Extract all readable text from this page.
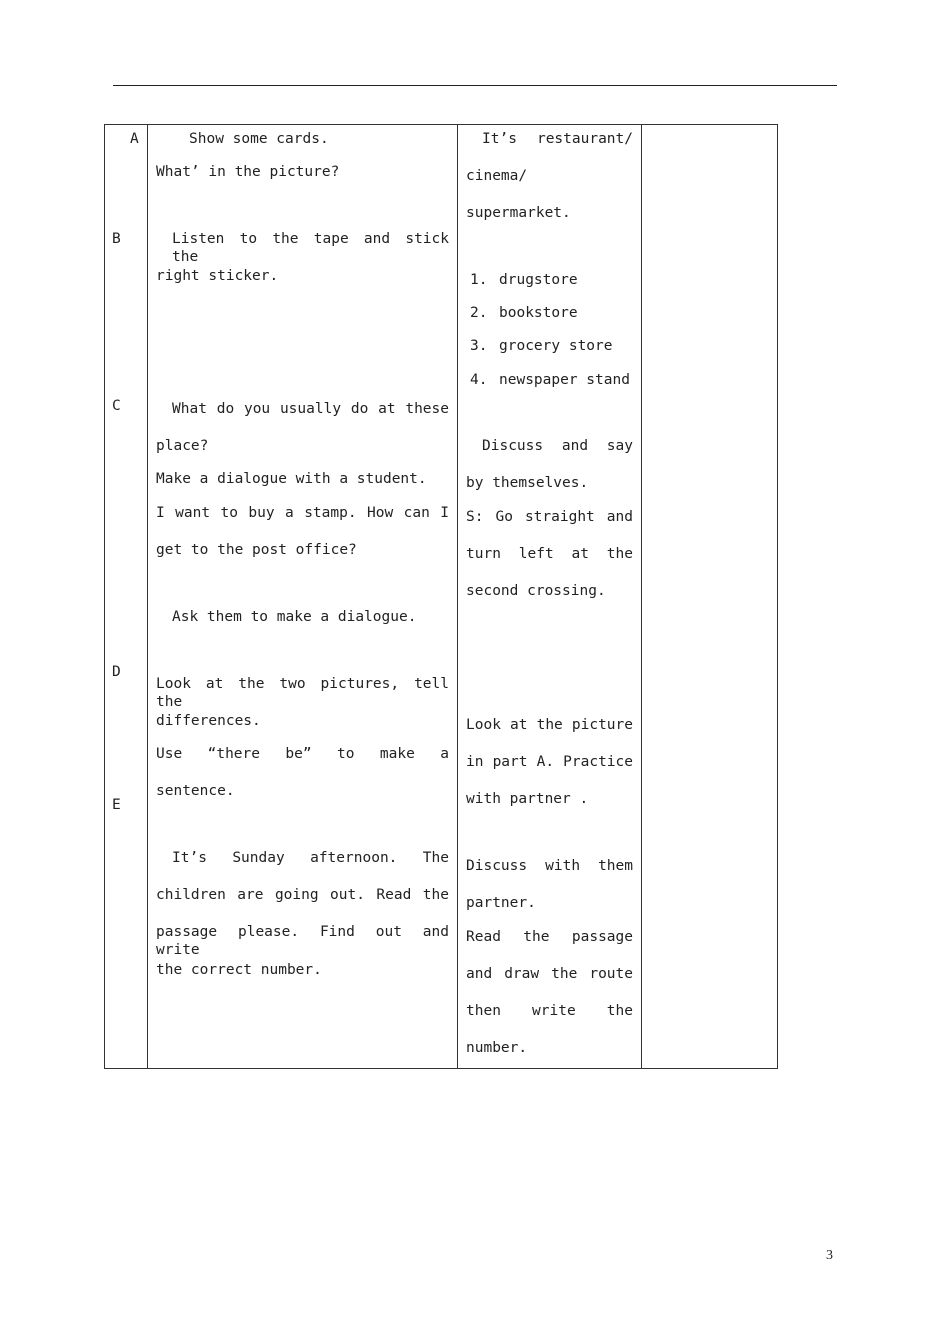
A
B
C
D
E
Show some cards.
What’ in the picture?
Listen to the tape and stick the
right sticker.
What do you usually do at these
place?
Make a dialogue with a student.
I want to buy a stamp. How can I
get to the post office?
Ask them to make a dialogue.
Look at the two pictures, tell the
differences.
Use “there be” to make a
sentence.
It’s Sunday afternoon. The
children are going out. Read the
passage please. Find out and write
the correct number.
It’s restaurant/
cinema/
supermarket.
1. drugstore
2. bookstore
3. grocery store
4. newspaper stand
Discuss and say
by themselves.
S: Go straight and
turn left at the
second crossing.
Look at the picture
in part A. Practice
with partner .
Discuss with them
partner.
Read the passage
and draw the route
then write the
number.
3
